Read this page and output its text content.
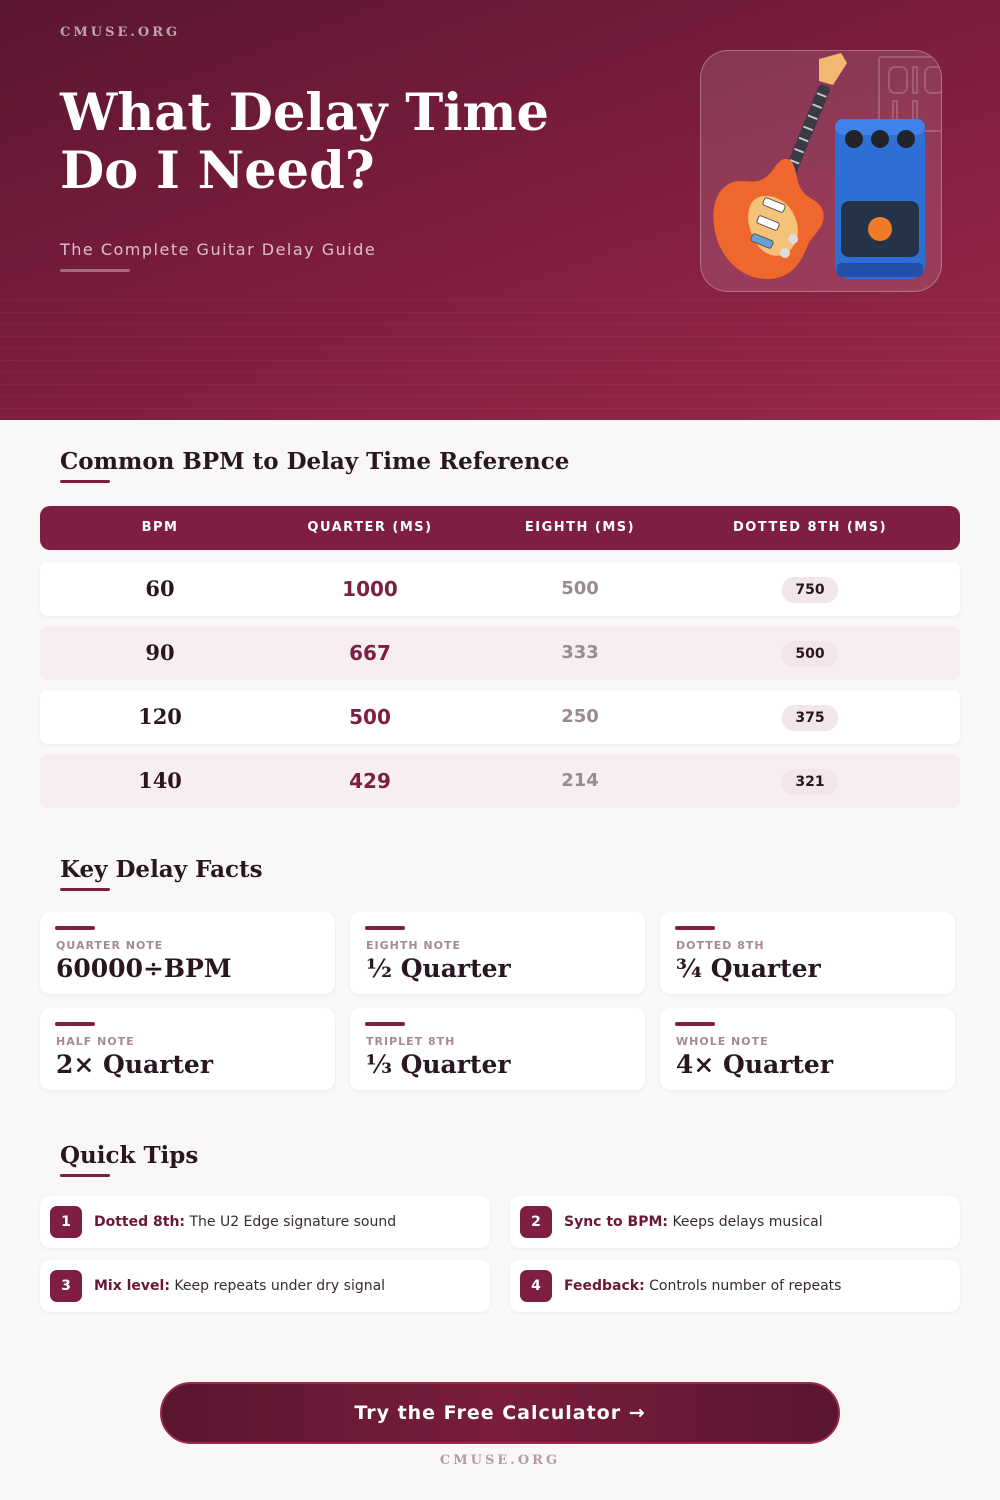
CMUSE.ORG
What Delay Time Do I Need?
The Complete Guitar Delay Guide
Common BPM to Delay Time Reference
BPM	QUARTER (MS)	EIGHTH (MS)	DOTTED 8TH (MS)
60	1000	500	750
90	667	333	500
120	500	250	375
140	429	214	321
Key Delay Facts
QUARTER NOTE
60000÷BPM
EIGHTH NOTE
½ Quarter
DOTTED 8TH
¾ Quarter
HALF NOTE
2× Quarter
TRIPLET 8TH
⅓ Quarter
WHOLE NOTE
4× Quarter
Quick Tips
1	Dotted 8th: The U2 Edge signature sound	2	Sync to BPM: Keeps delays musical
3	Mix level: Keep repeats under dry signal	4	Feedback: Controls number of repeats
Try the Free Calculator →
CMUSE.ORG
